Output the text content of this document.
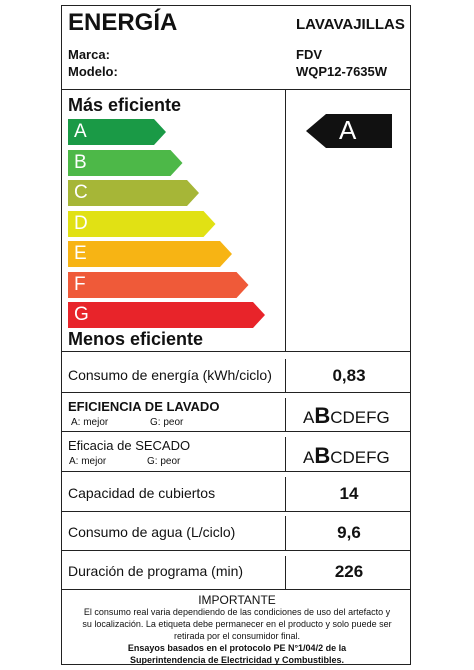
ENERGÍA	LAVAVAJILLAS
Marca:	FDV
Modelo:	WQP12-7635W
Más eficiente
A
B
C
D
E
F
G
Menos eficiente
A
Consumo de energía (kWh/ciclo)	0,83
EFICIENCIA DE LAVADO
A: mejor	G: peor	ABCDEFG
Eficacia de SECADO
A: mejor	G: peor	ABCDEFG
Capacidad de cubiertos	14
Consumo de agua (L/ciclo)	9,6
Duración de programa (min)	226
IMPORTANTE
El consumo real varia dependiendo de las condiciones de uso del artefacto y
su localización. La etiqueta debe permanecer en el producto y solo puede ser
retirada por el consumidor final.
Ensayos basados en el protocolo PE N°1/04/2 de la
Superintendencia de Electricidad y Combustibles.
